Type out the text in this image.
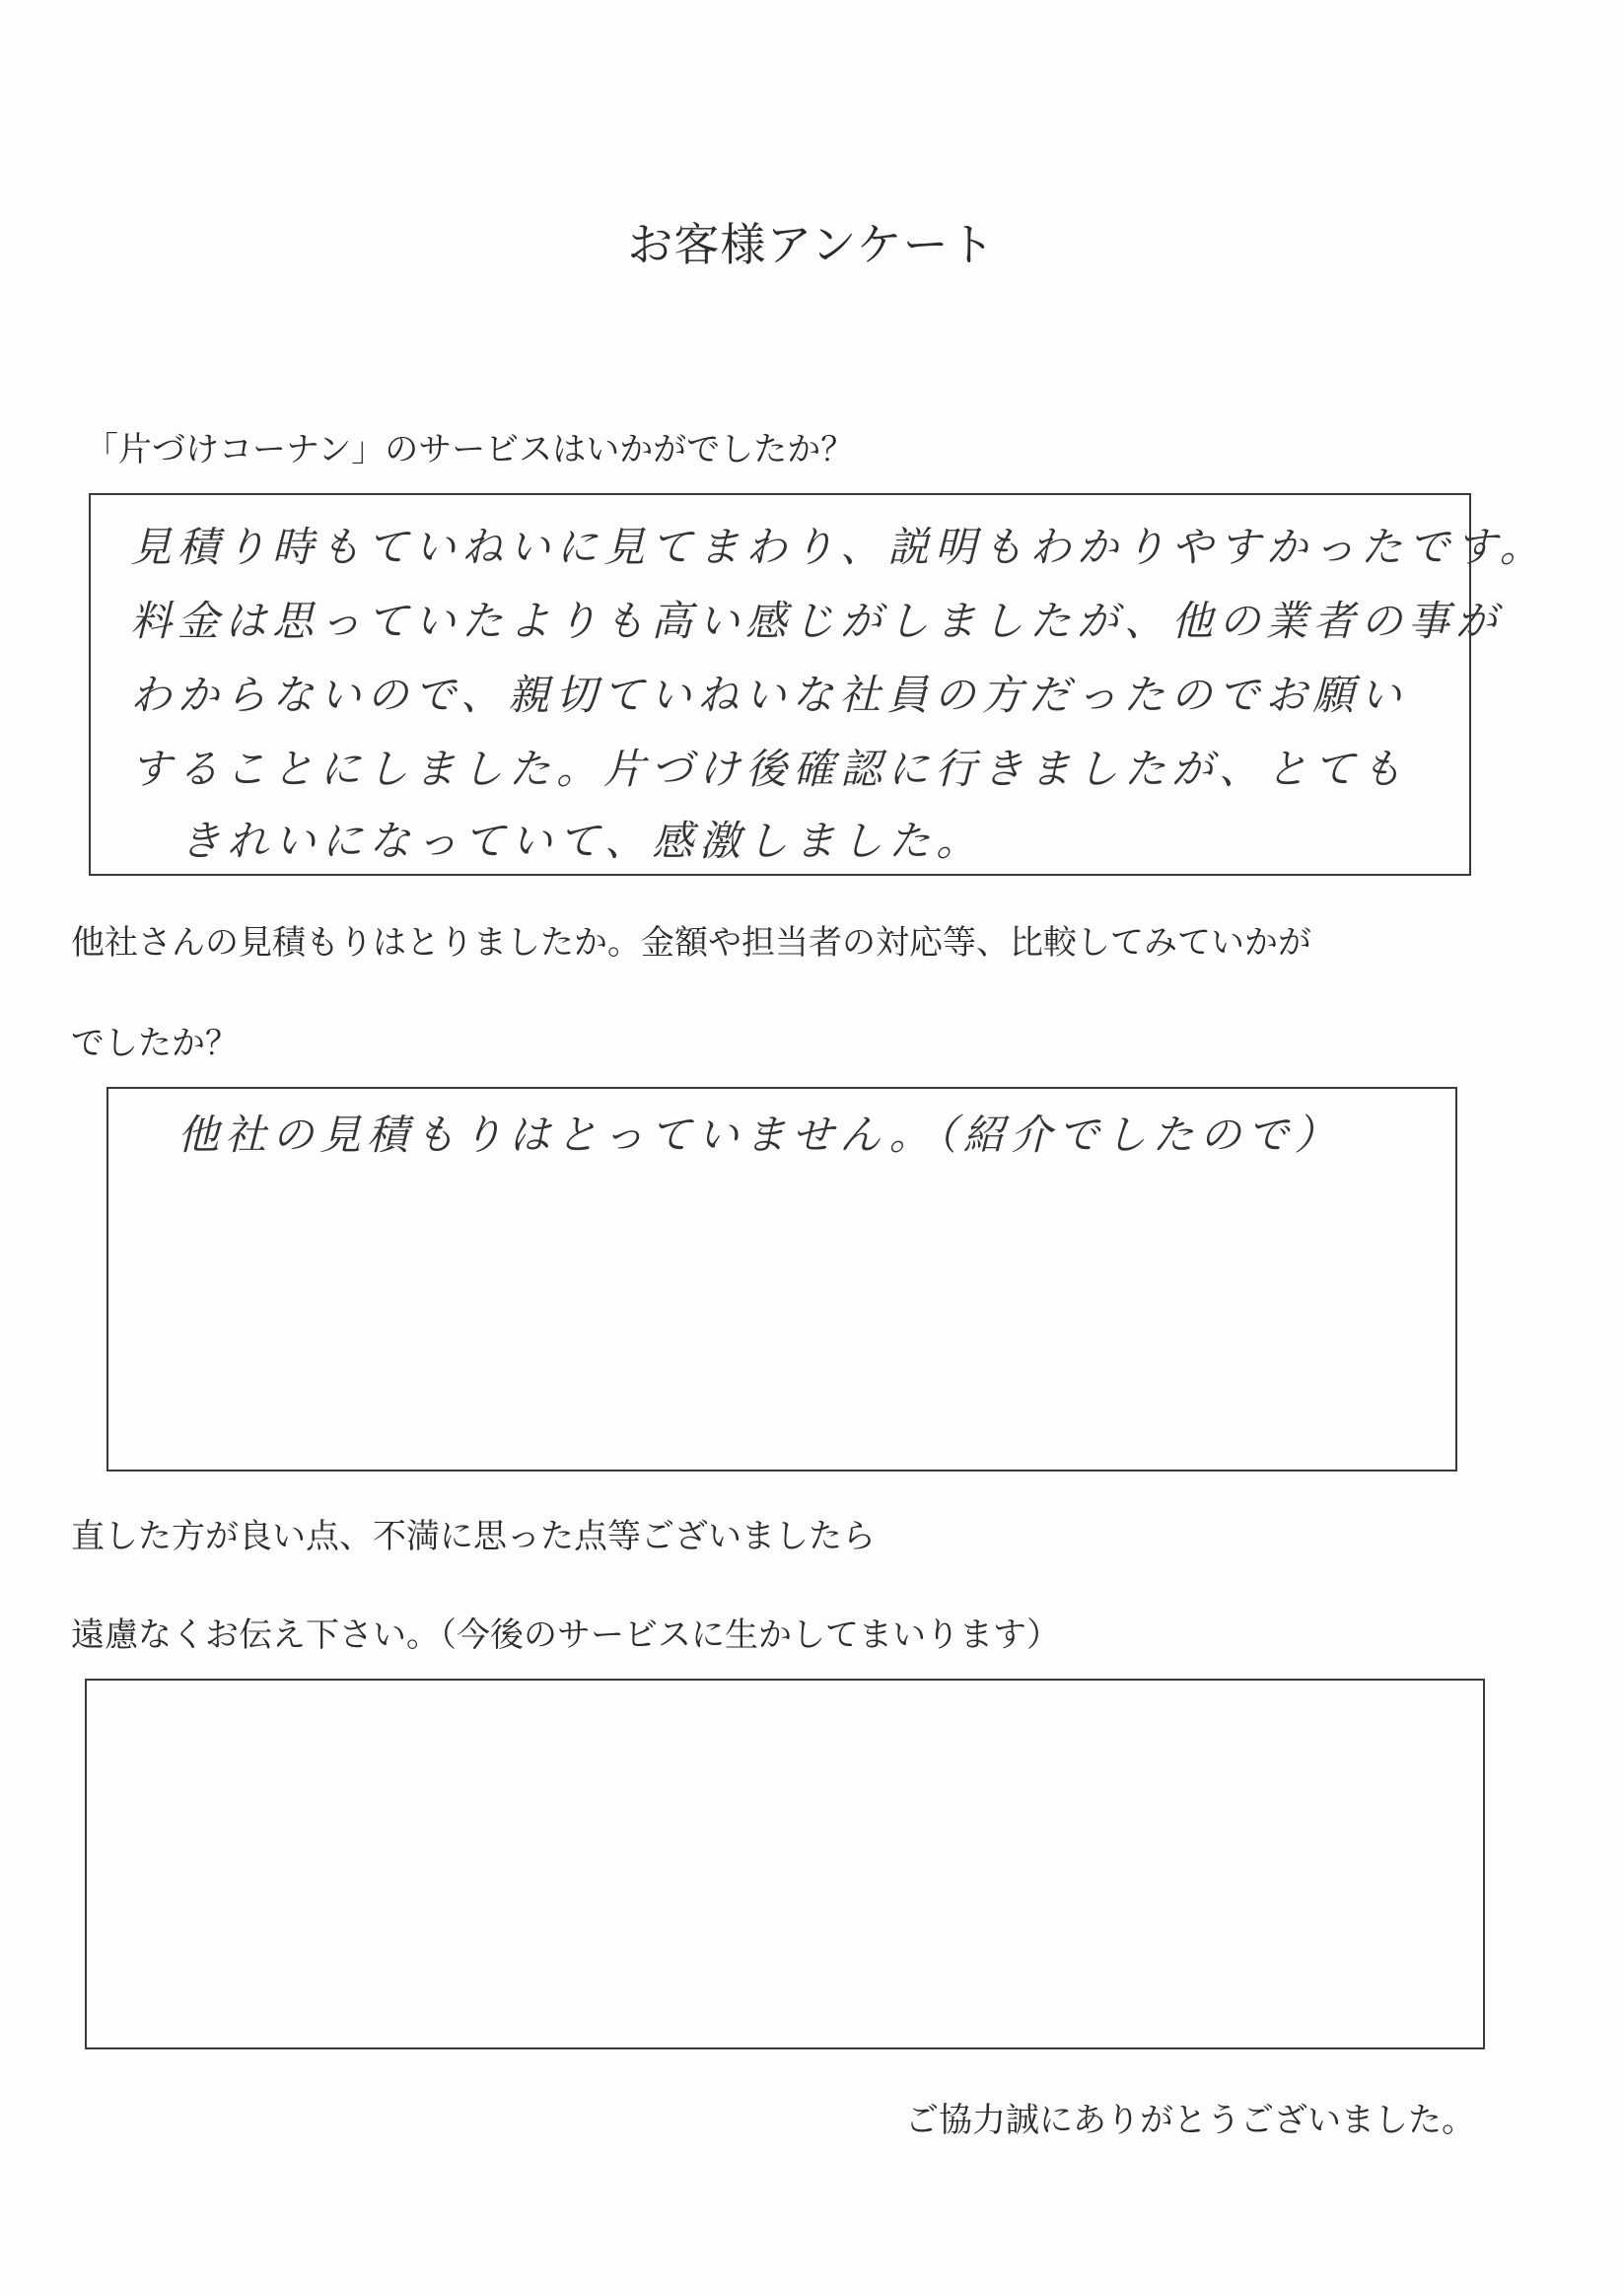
お客様アンケート
「片づけコーナン」のサービスはいかがでしたか？
見積り時もていねいに見てまわり、説明もわかりやすかったです。
料金は思っていたよりも高い感じがしましたが、他の業者の事が
わからないので、親切ていねいな社員の方だったのでお願い
することにしました。片づけ後確認に行きましたが、とても
きれいになっていて、感激しました。
他社さんの見積もりはとりましたか。金額や担当者の対応等、比較してみていかが
でしたか？
他社の見積もりはとっていません。（紹介でしたので）
直した方が良い点、不満に思った点等ございましたら
遠慮なくお伝え下さい。（今後のサービスに生かしてまいります）
ご協力誠にありがとうございました。
